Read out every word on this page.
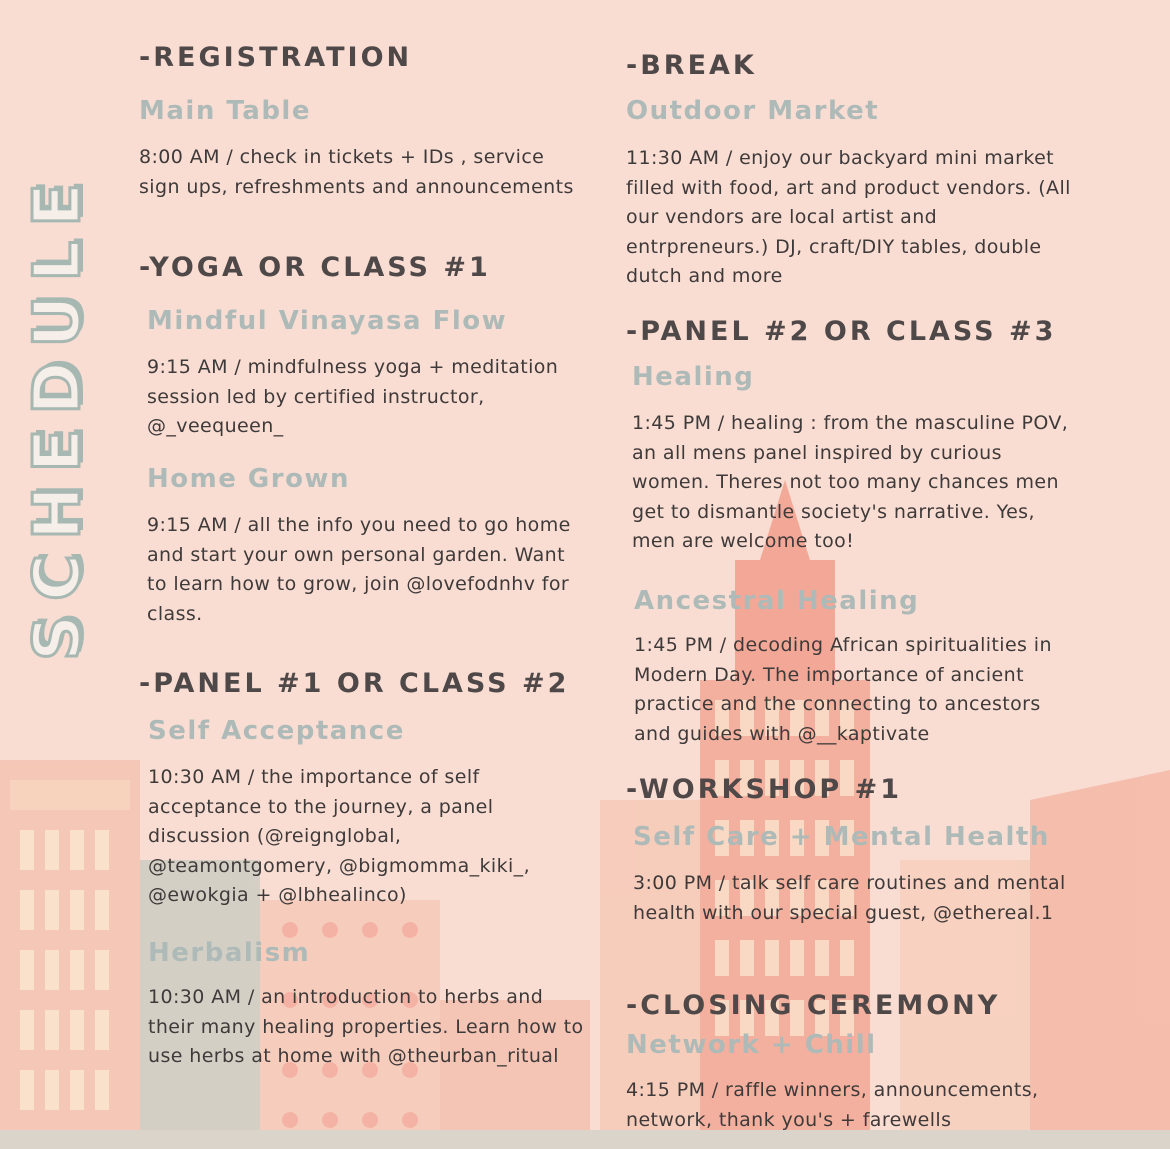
SCHEDULE
-REGISTRATION
Main Table
8:00 AM / check in tickets + IDs , service sign ups, refreshments and announcements
-YOGA OR CLASS #1
Mindful Vinayasa Flow
9:15 AM / mindfulness yoga + meditation session led by certified instructor, @_veequeen_
Home Grown
9:15 AM / all the info you need to go home and start your own personal garden. Want to learn how to grow, join @lovefodnhv for class.
-PANEL #1 OR CLASS #2
Self Acceptance
10:30 AM / the importance of self acceptance to the journey, a panel discussion (@reignglobal, @teamontgomery, @bigmomma_kiki_, @ewokgia + @lbhealinco)
Herbalism
10:30 AM / an introduction to herbs and their many healing properties. Learn how to use herbs at home with @theurban_ritual
-BREAK
Outdoor Market
11:30 AM / enjoy our backyard mini market filled with food, art and product vendors. (All our vendors are local artist and entrpreneurs.) DJ, craft/DIY tables, double dutch and more
-PANEL #2 OR CLASS #3
Healing
1:45 PM / healing : from the masculine POV, an all mens panel inspired by curious women. Theres not too many chances men get to dismantle society's narrative. Yes, men are welcome too!
Ancestral Healing
1:45 PM / decoding African spiritualities in Modern Day. The importance of ancient practice and the connecting to ancestors and guides with @__kaptivate
-WORKSHOP #1
Self Care + Mental Health
3:00 PM / talk self care routines and mental health with our special guest, @ethereal.1
-CLOSING CEREMONY
Network + Chill
4:15 PM / raffle winners, announcements, network, thank you's + farewells
